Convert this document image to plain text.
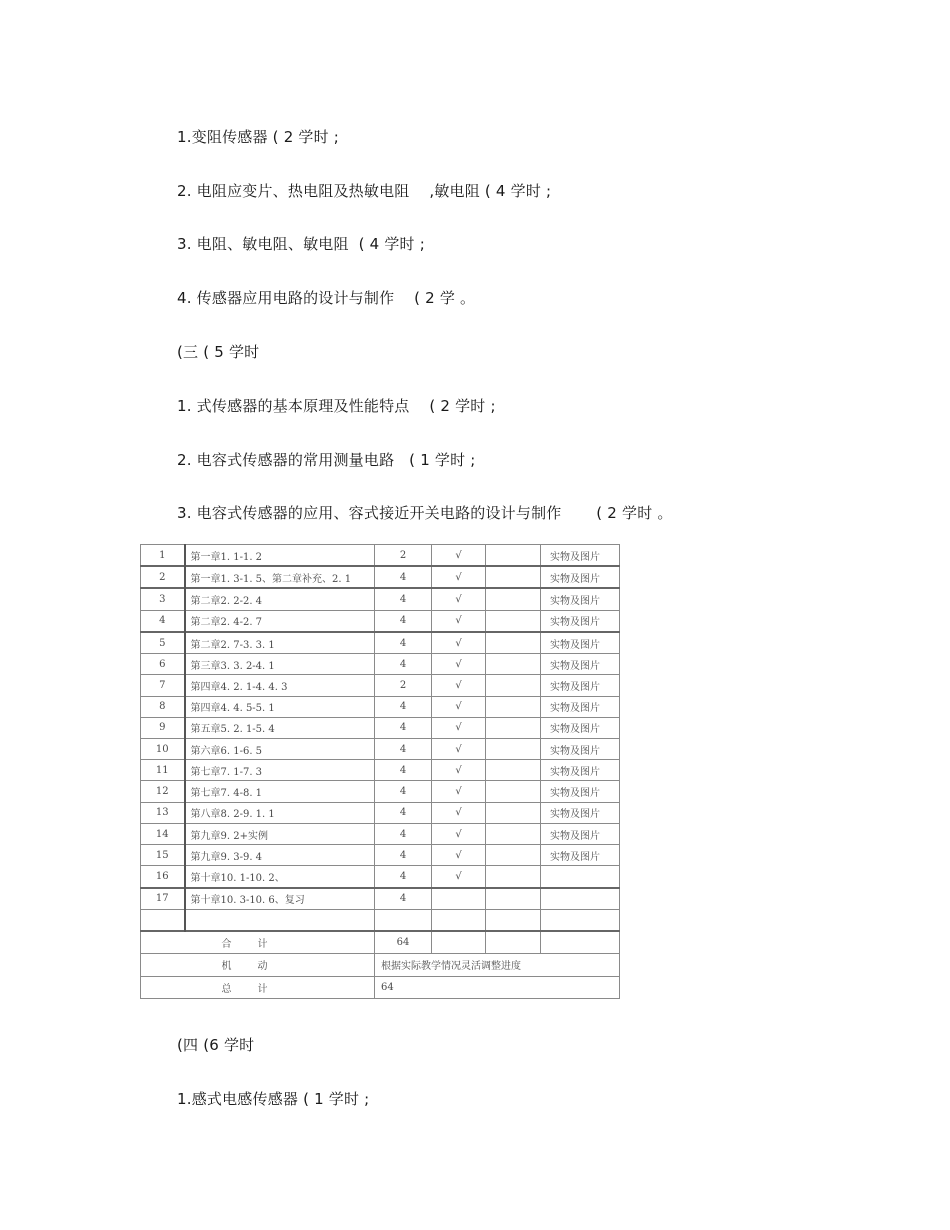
1.变阻传感器 ( 2 学时 ;
2. 电阻应变片、热电阻及热敏电阻    ,敏电阻 ( 4 学时 ;
3. 电阻、敏电阻、敏电阻  ( 4 学时 ;
4. 传感器应用电路的设计与制作    ( 2 学 。
(三 ( 5 学时
1. 式传感器的基本原理及性能特点    ( 2 学时 ;
2. 电容式传感器的常用测量电路   ( 1 学时 ;
3. 电容式传感器的应用、容式接近开关电路的设计与制作       ( 2 学时 。
1	第一章1. 1-1. 2	2	√		实物及图片
2	第一章1. 3-1. 5、第二章补充、2. 1	4	√		实物及图片
3	第二章2. 2-2. 4	4	√		实物及图片
4	第二章2. 4-2. 7	4	√		实物及图片
5	第二章2. 7-3. 3. 1	4	√		实物及图片
6	第三章3. 3. 2-4. 1	4	√		实物及图片
7	第四章4. 2. 1-4. 4. 3	2	√		实物及图片
8	第四章4. 4. 5-5. 1	4	√		实物及图片
9	第五章5. 2. 1-5. 4	4	√		实物及图片
10	第六章6. 1-6. 5	4	√		实物及图片
11	第七章7. 1-7. 3	4	√		实物及图片
12	第七章7. 4-8. 1	4	√		实物及图片
13	第八章8. 2-9. 1. 1	4	√		实物及图片
14	第九章9. 2+实例	4	√		实物及图片
15	第九章9. 3-9. 4	4	√		实物及图片
16	第十章10. 1-10. 2、	4	√		
17	第十章10. 3-10. 6、复习	4			

合计		64			
机动		根据实际教学情况灵活调整进度			
总计		64			
(四 (6 学时
1.感式电感传感器 ( 1 学时 ;
